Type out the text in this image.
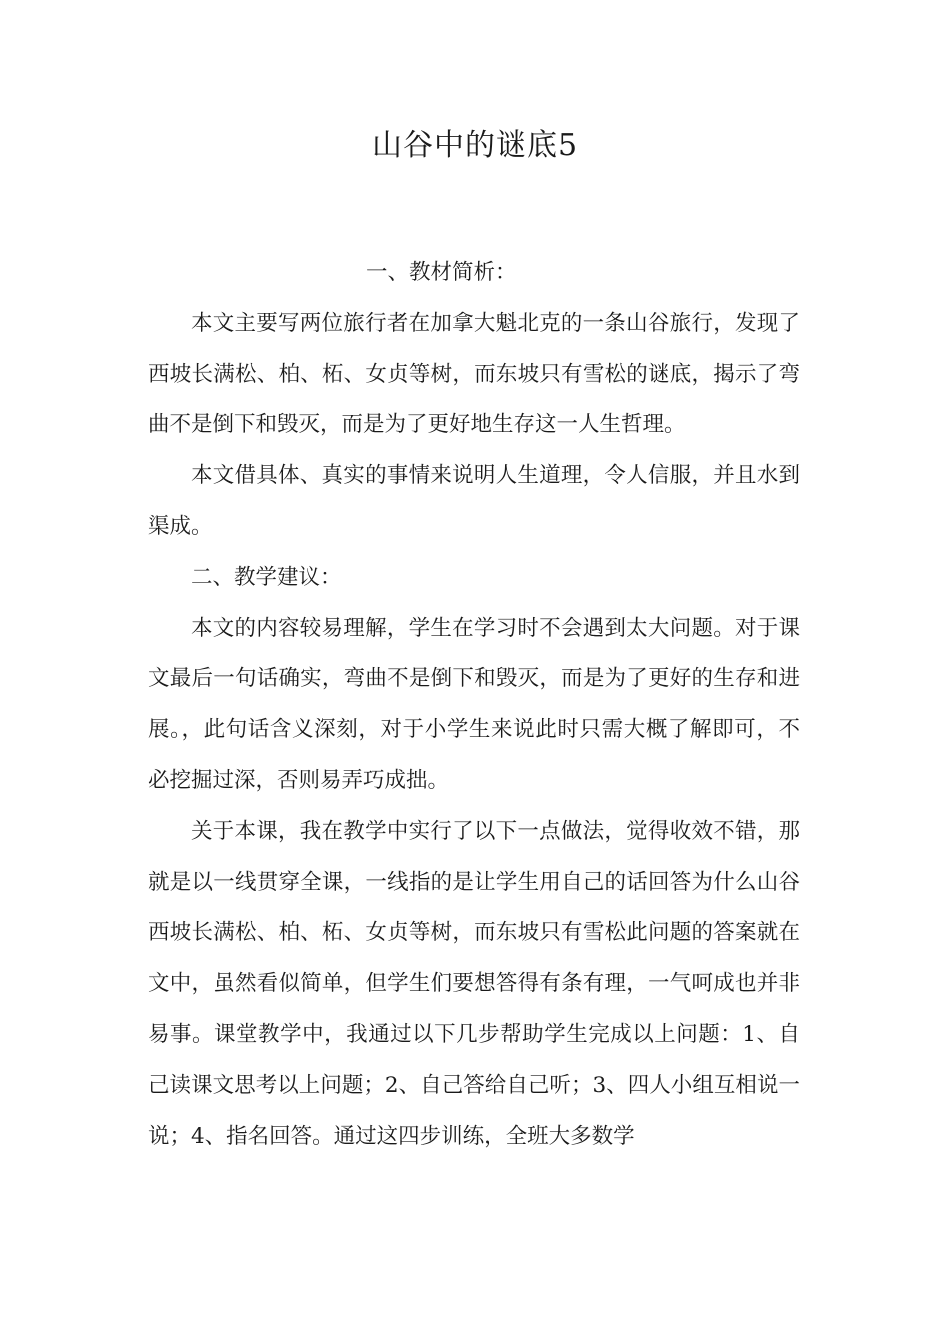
山谷中的谜底5

一、教材简析：

本文主要写两位旅行者在加拿大魁北克的一条山谷旅行，发现了西坡长满松、柏、柘、女贞等树，而东坡只有雪松的谜底，揭示了弯曲不是倒下和毁灭，而是为了更好地生存这一人生哲理。

本文借具体、真实的事情来说明人生道理，令人信服，并且水到渠成。

二、教学建议：

本文的内容较易理解，学生在学习时不会遇到太大问题。对于课文最后一句话确实，弯曲不是倒下和毁灭，而是为了更好的生存和进展。，此句话含义深刻，对于小学生来说此时只需大概了解即可，不必挖掘过深，否则易弄巧成拙。

关于本课，我在教学中实行了以下一点做法，觉得收效不错，那就是以一线贯穿全课，一线指的是让学生用自己的话回答为什么山谷西坡长满松、柏、柘、女贞等树，而东坡只有雪松此问题的答案就在文中，虽然看似简单，但学生们要想答得有条有理，一气呵成也并非易事。课堂教学中，我通过以下几步帮助学生完成以上问题：1、自己读课文思考以上问题；2、自己答给自己听；3、四人小组互相说一说；4、指名回答。通过这四步训练，全班大多数学
